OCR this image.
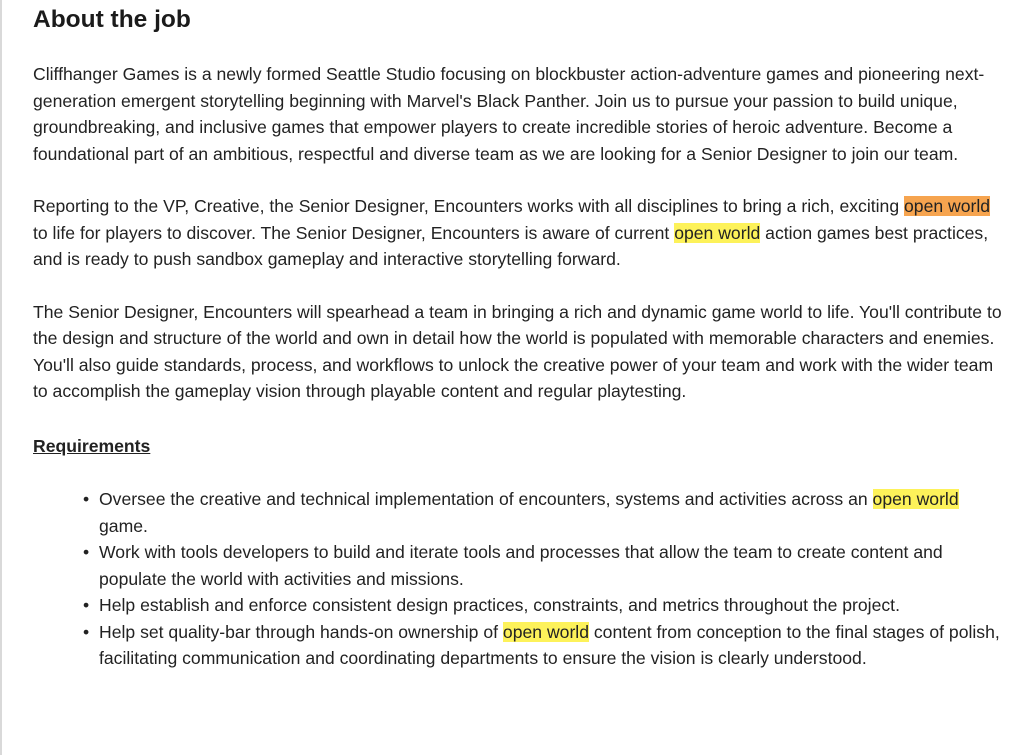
About the job

Cliffhanger Games is a newly formed Seattle Studio focusing on blockbuster action-adventure games and pioneering next-generation emergent storytelling beginning with Marvel's Black Panther. Join us to pursue your passion to build unique, groundbreaking, and inclusive games that empower players to create incredible stories of heroic adventure. Become a foundational part of an ambitious, respectful and diverse team as we are looking for a Senior Designer to join our team.

Reporting to the VP, Creative, the Senior Designer, Encounters works with all disciplines to bring a rich, exciting open world to life for players to discover. The Senior Designer, Encounters is aware of current open world action games best practices, and is ready to push sandbox gameplay and interactive storytelling forward.

The Senior Designer, Encounters will spearhead a team in bringing a rich and dynamic game world to life. You'll contribute to the design and structure of the world and own in detail how the world is populated with memorable characters and enemies. You'll also guide standards, process, and workflows to unlock the creative power of your team and work with the wider team to accomplish the gameplay vision through playable content and regular playtesting.

Requirements
• Oversee the creative and technical implementation of encounters, systems and activities across an open world game.
• Work with tools developers to build and iterate tools and processes that allow the team to create content and populate the world with activities and missions.
• Help establish and enforce consistent design practices, constraints, and metrics throughout the project.
• Help set quality-bar through hands-on ownership of open world content from conception to the final stages of polish, facilitating communication and coordinating departments to ensure the vision is clearly understood.
